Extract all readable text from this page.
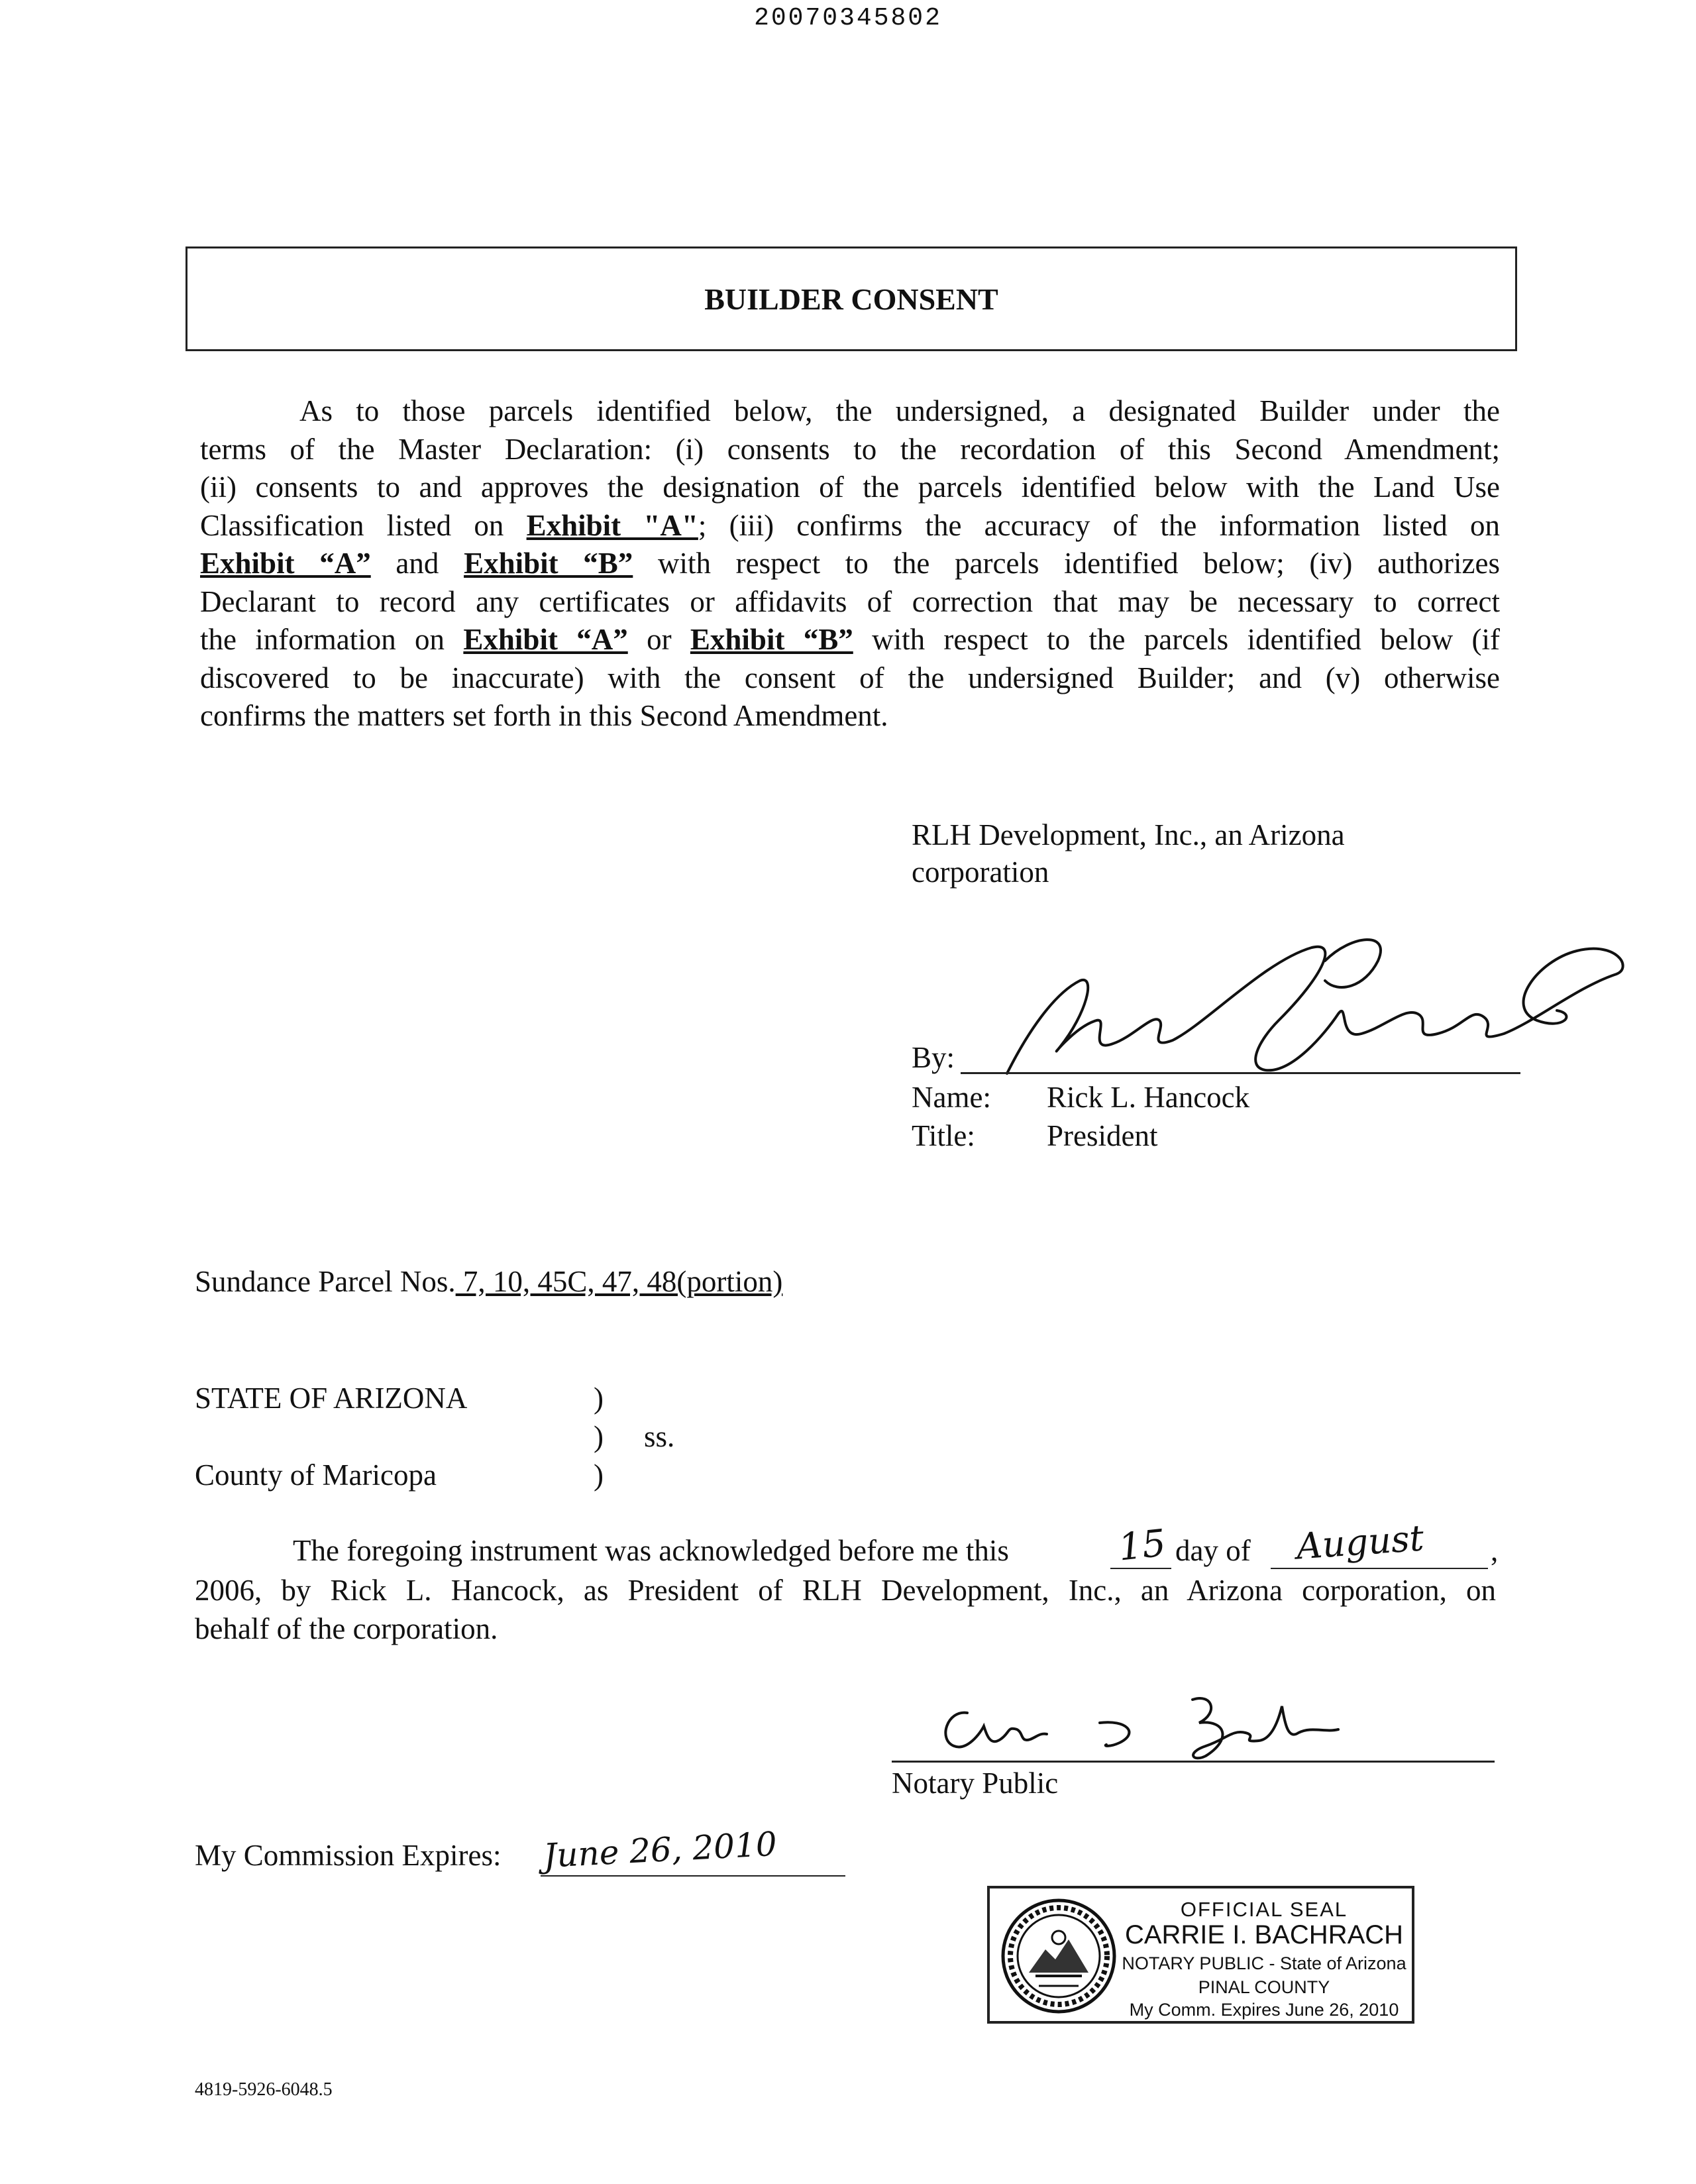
20070345802
BUILDER CONSENT
As to those parcels identified below, the undersigned, a designated Builder under the
terms of the Master Declaration: (i) consents to the recordation of this Second Amendment;
(ii) consents to and approves the designation of the parcels identified below with the Land Use
Classification listed on Exhibit "A"; (iii) confirms the accuracy of the information listed on
Exhibit “A” and Exhibit “B” with respect to the parcels identified below; (iv) authorizes
Declarant to record any certificates or affidavits of correction that may be necessary to correct
the information on Exhibit “A” or Exhibit “B” with respect to the parcels identified below (if
discovered to be inaccurate) with the consent of the undersigned Builder; and (v) otherwise
confirms the matters set forth in this Second Amendment.
RLH Development, Inc., an Arizona
corporation
By:
Name: Rick L. Hancock
Title: President
Sundance Parcel Nos. 7, 10, 45C, 47, 48(portion)
STATE OF ARIZONA	)
) ss.
County of Maricopa	)
The foregoing instrument was acknowledged before me this	15 day of	August	,
2006, by Rick L. Hancock, as President of RLH Development, Inc., an Arizona corporation, on
behalf of the corporation.
Notary Public
My Commission Expires: June 26, 2010
OFFICIAL SEAL
CARRIE I. BACHRACH
NOTARY PUBLIC - State of Arizona
PINAL COUNTY
My Comm. Expires June 26, 2010
4819-5926-6048.5
